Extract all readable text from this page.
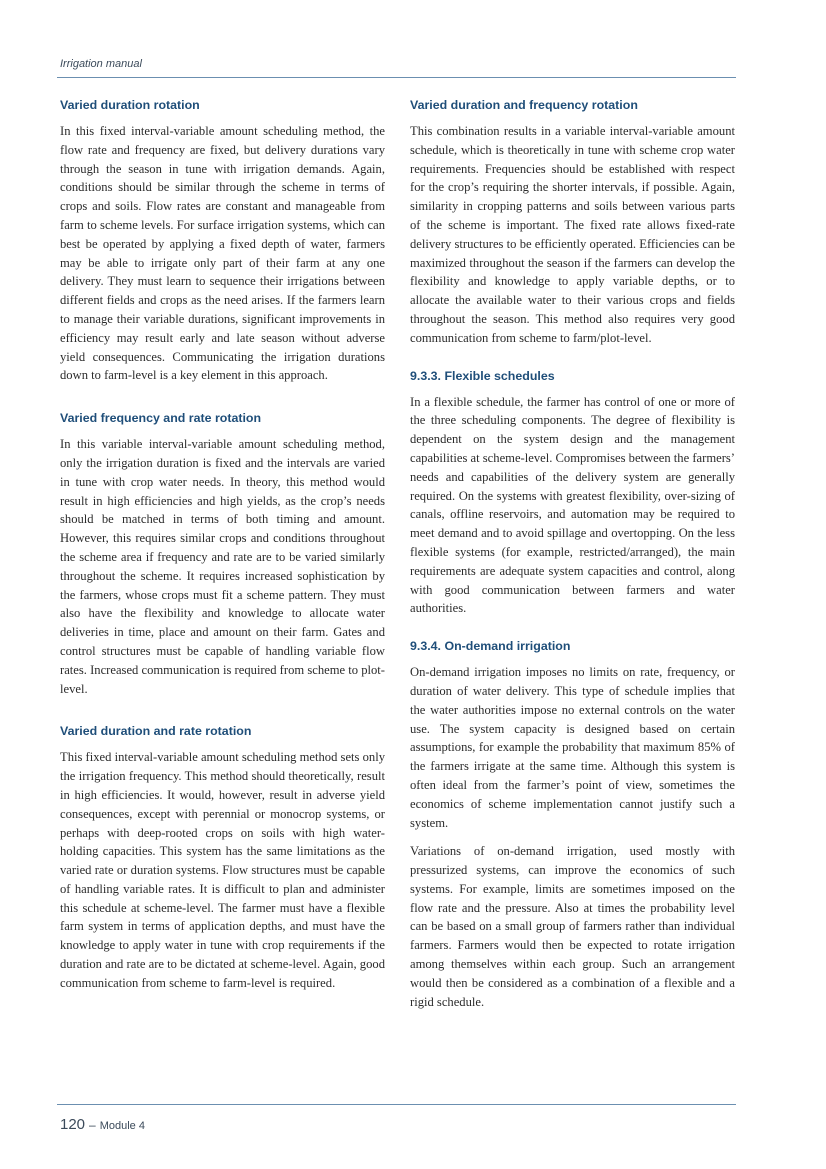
Irrigation manual
Varied duration rotation

In this fixed interval-variable amount scheduling method, the flow rate and frequency are fixed, but delivery durations vary through the season in tune with irrigation demands. Again, conditions should be similar through the scheme in terms of crops and soils. Flow rates are constant and manageable from farm to scheme levels. For surface irrigation systems, which can best be operated by applying a fixed depth of water, farmers may be able to irrigate only part of their farm at any one delivery. They must learn to sequence their irrigations between different fields and crops as the need arises. If the farmers learn to manage their variable durations, significant improvements in efficiency may result early and late season without adverse yield consequences. Communicating the irrigation durations down to farm-level is a key element in this approach.

Varied frequency and rate rotation

In this variable interval-variable amount scheduling method, only the irrigation duration is fixed and the intervals are varied in tune with crop water needs. In theory, this method would result in high efficiencies and high yields, as the crop’s needs should be matched in terms of both timing and amount. However, this requires similar crops and conditions throughout the scheme area if frequency and rate are to be varied similarly throughout the scheme. It requires increased sophistication by the farmers, whose crops must fit a scheme pattern. They must also have the flexibility and knowledge to allocate water deliveries in time, place and amount on their farm. Gates and control structures must be capable of handling variable flow rates. Increased communication is required from scheme to plot-level.

Varied duration and rate rotation

This fixed interval-variable amount scheduling method sets only the irrigation frequency. This method should theoretically, result in high efficiencies. It would, however, result in adverse yield consequences, except with perennial or monocrop systems, or perhaps with deep-rooted crops on soils with high water-holding capacities. This system has the same limitations as the varied rate or duration systems. Flow structures must be capable of handling variable rates. It is difficult to plan and administer this schedule at scheme-level. The farmer must have a flexible farm system in terms of application depths, and must have the knowledge to apply water in tune with crop requirements if the duration and rate are to be dictated at scheme-level. Again, good communication from scheme to farm-level is required.

Varied duration and frequency rotation

This combination results in a variable interval-variable amount schedule, which is theoretically in tune with scheme crop water requirements. Frequencies should be established with respect for the crop’s requiring the shorter intervals, if possible. Again, similarity in cropping patterns and soils between various parts of the scheme is important. The fixed rate allows fixed-rate delivery structures to be efficiently operated. Efficiencies can be maximized throughout the season if the farmers can develop the flexibility and knowledge to apply variable depths, or to allocate the available water to their various crops and fields throughout the season. This method also requires very good communication from scheme to farm/plot-level.

9.3.3. Flexible schedules

In a flexible schedule, the farmer has control of one or more of the three scheduling components. The degree of flexibility is dependent on the system design and the management capabilities at scheme-level. Compromises between the farmers’ needs and capabilities of the delivery system are generally required. On the systems with greatest flexibility, over-sizing of canals, offline reservoirs, and automation may be required to meet demand and to avoid spillage and overtopping. On the less flexible systems (for example, restricted/arranged), the main requirements are adequate system capacities and control, along with good communication between farmers and water authorities.

9.3.4. On-demand irrigation

On-demand irrigation imposes no limits on rate, frequency, or duration of water delivery. This type of schedule implies that the water authorities impose no external controls on the water use. The system capacity is designed based on certain assumptions, for example the probability that maximum 85% of the farmers irrigate at the same time. Although this system is often ideal from the farmer’s point of view, sometimes the economics of scheme implementation cannot justify such a system.

Variations of on-demand irrigation, used mostly with pressurized systems, can improve the economics of such systems. For example, limits are sometimes imposed on the flow rate and the pressure. Also at times the probability level can be based on a small group of farmers rather than individual farmers. Farmers would then be expected to rotate irrigation among themselves within each group. Such an arrangement would then be considered as a combination of a flexible and a rigid schedule.

120 – Module 4
